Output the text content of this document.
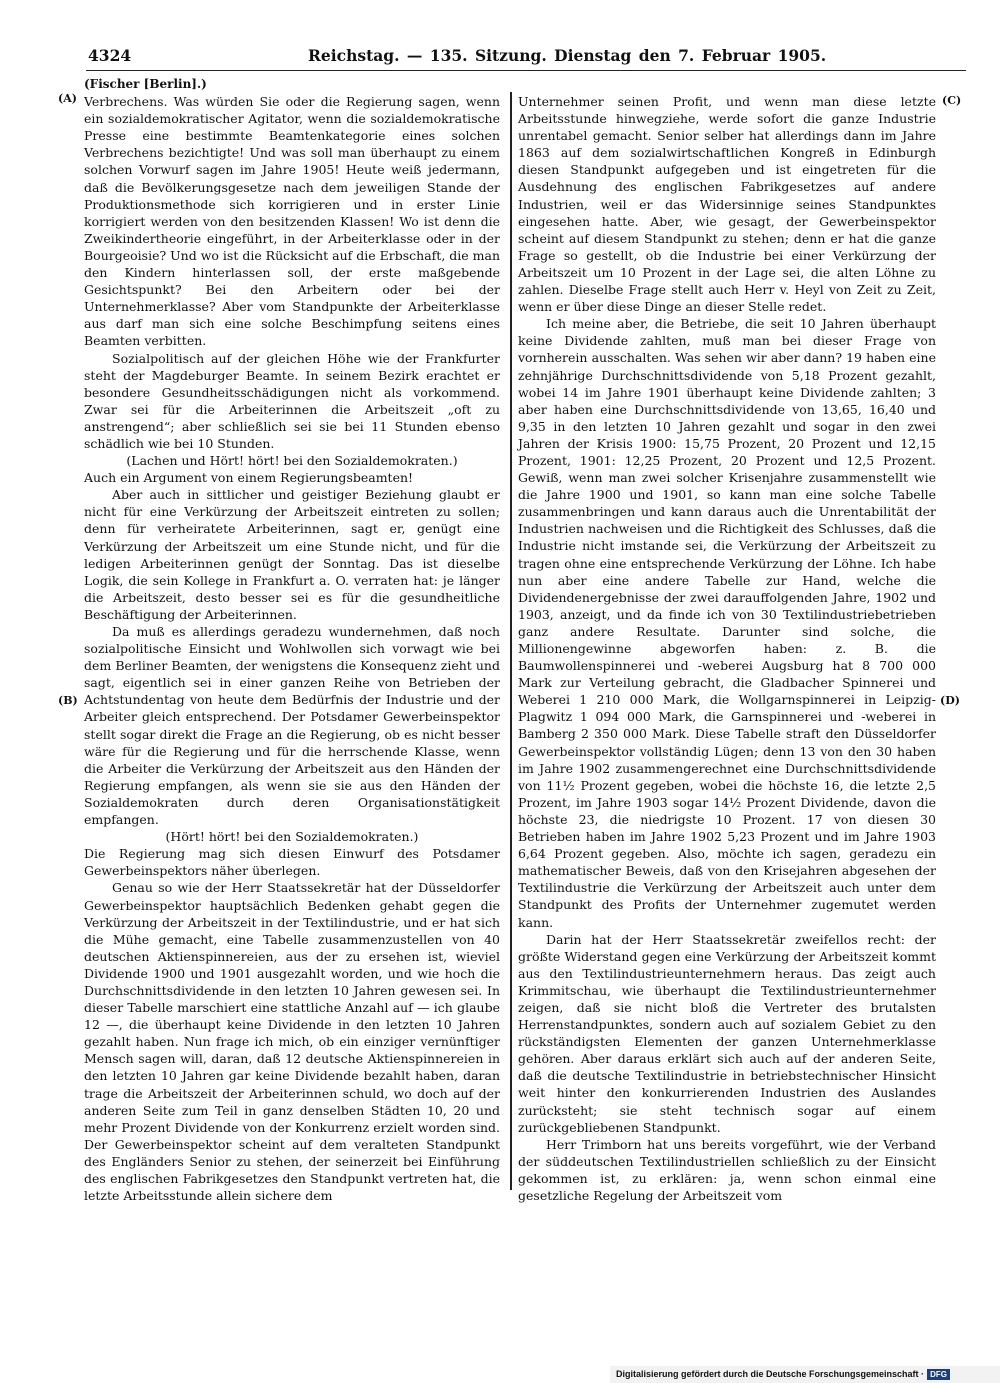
4324	Reichstag. — 135. Sitzung. Dienstag den 7. Februar 1905.
(A)
(B)
(C)
(D)

(Fischer [Berlin].)

Verbrechens. Was würden Sie oder die Regierung sagen, wenn ein sozialdemokratischer Agitator, wenn die sozialdemokratische Presse eine bestimmte Beamtenkategorie eines solchen Verbrechens bezichtigte! Und was soll man überhaupt zu einem solchen Vorwurf sagen im Jahre 1905! Heute weiß jedermann, daß die Bevölkerungsgesetze nach dem jeweiligen Stande der Produktionsmethode sich korrigieren und in erster Linie korrigiert werden von den besitzenden Klassen! Wo ist denn die Zweikindertheorie eingeführt, in der Arbeiterklasse oder in der Bourgeoisie? Und wo ist die Rücksicht auf die Erbschaft, die man den Kindern hinterlassen soll, der erste maßgebende Gesichtspunkt? Bei den Arbeitern oder bei der Unternehmerklasse? Aber vom Standpunkte der Arbeiterklasse aus darf man sich eine solche Beschimpfung seitens eines Beamten verbitten.

Sozialpolitisch auf der gleichen Höhe wie der Frankfurter steht der Magdeburger Beamte. In seinem Bezirk erachtet er besondere Gesundheitsschädigungen nicht als vorkommend. Zwar sei für die Arbeiterinnen die Arbeitszeit „oft zu anstrengend“; aber schließlich sei sie bei 11 Stunden ebenso schädlich wie bei 10 Stunden.

(Lachen und Hört! hört! bei den Sozialdemokraten.)

Auch ein Argument von einem Regierungsbeamten!

Aber auch in sittlicher und geistiger Beziehung glaubt er nicht für eine Verkürzung der Arbeitszeit eintreten zu sollen; denn für verheiratete Arbeiterinnen, sagt er, genügt eine Verkürzung der Arbeitszeit um eine Stunde nicht, und für die ledigen Arbeiterinnen genügt der Sonntag. Das ist dieselbe Logik, die sein Kollege in Frankfurt a. O. verraten hat: je länger die Arbeitszeit, desto besser sei es für die gesundheitliche Beschäftigung der Arbeiterinnen.

Da muß es allerdings geradezu wundernehmen, daß noch sozialpolitische Einsicht und Wohlwollen sich vorwagt wie bei dem Berliner Beamten, der wenigstens die Konsequenz zieht und sagt, eigentlich sei in einer ganzen Reihe von Betrieben der Achtstundentag von heute dem Bedürfnis der Industrie und der Arbeiter gleich entsprechend. Der Potsdamer Gewerbeinspektor stellt sogar direkt die Frage an die Regierung, ob es nicht besser wäre für die Regierung und für die herrschende Klasse, wenn die Arbeiter die Verkürzung der Arbeitszeit aus den Händen der Regierung empfangen, als wenn sie sie aus den Händen der Sozialdemokraten durch deren Organisationstätigkeit empfangen.

(Hört! hört! bei den Sozialdemokraten.)

Die Regierung mag sich diesen Einwurf des Potsdamer Gewerbeinspektors näher überlegen.

Genau so wie der Herr Staatssekretär hat der Düsseldorfer Gewerbeinspektor hauptsächlich Bedenken gehabt gegen die Verkürzung der Arbeitszeit in der Textilindustrie, und er hat sich die Mühe gemacht, eine Tabelle zusammenzustellen von 40 deutschen Aktienspinnereien, aus der zu ersehen ist, wieviel Dividende 1900 und 1901 ausgezahlt worden, und wie hoch die Durchschnittsdividende in den letzten 10 Jahren gewesen sei. In dieser Tabelle marschiert eine stattliche Anzahl auf — ich glaube 12 —, die überhaupt keine Dividende in den letzten 10 Jahren gezahlt haben. Nun frage ich mich, ob ein einziger vernünftiger Mensch sagen will, daran, daß 12 deutsche Aktienspinnereien in den letzten 10 Jahren gar keine Dividende bezahlt haben, daran trage die Arbeitszeit der Arbeiterinnen schuld, wo doch auf der anderen Seite zum Teil in ganz denselben Städten 10, 20 und mehr Prozent Dividende von der Konkurrenz erzielt worden sind. Der Gewerbeinspektor scheint auf dem veralteten Standpunkt des Engländers Senior zu stehen, der seinerzeit bei Einführung des englischen Fabrikgesetzes den Standpunkt vertreten hat, die letzte Arbeitsstunde allein sichere dem

Unternehmer seinen Profit, und wenn man diese letzte Arbeitsstunde hinwegziehe, werde sofort die ganze Industrie unrentabel gemacht. Senior selber hat allerdings dann im Jahre 1863 auf dem sozialwirtschaftlichen Kongreß in Edinburgh diesen Standpunkt aufgegeben und ist eingetreten für die Ausdehnung des englischen Fabrikgesetzes auf andere Industrien, weil er das Widersinnige seines Standpunktes eingesehen hatte. Aber, wie gesagt, der Gewerbeinspektor scheint auf diesem Standpunkt zu stehen; denn er hat die ganze Frage so gestellt, ob die Industrie bei einer Verkürzung der Arbeitszeit um 10 Prozent in der Lage sei, die alten Löhne zu zahlen. Dieselbe Frage stellt auch Herr v. Heyl von Zeit zu Zeit, wenn er über diese Dinge an dieser Stelle redet.

Ich meine aber, die Betriebe, die seit 10 Jahren überhaupt keine Dividende zahlten, muß man bei dieser Frage von vornherein ausschalten. Was sehen wir aber dann? 19 haben eine zehnjährige Durchschnittsdividende von 5,18 Prozent gezahlt, wobei 14 im Jahre 1901 überhaupt keine Dividende zahlten; 3 aber haben eine Durchschnittsdividende von 13,65, 16,40 und 9,35 in den letzten 10 Jahren gezahlt und sogar in den zwei Jahren der Krisis 1900: 15,75 Prozent, 20 Prozent und 12,15 Prozent, 1901: 12,25 Prozent, 20 Prozent und 12,5 Prozent. Gewiß, wenn man zwei solcher Krisenjahre zusammenstellt wie die Jahre 1900 und 1901, so kann man eine solche Tabelle zusammenbringen und kann daraus auch die Unrentabilität der Industrien nachweisen und die Richtigkeit des Schlusses, daß die Industrie nicht imstande sei, die Verkürzung der Arbeitszeit zu tragen ohne eine entsprechende Verkürzung der Löhne. Ich habe nun aber eine andere Tabelle zur Hand, welche die Dividendenergebnisse der zwei darauffolgenden Jahre, 1902 und 1903, anzeigt, und da finde ich von 30 Textilindustriebetrieben ganz andere Resultate. Darunter sind solche, die Millionengewinne abgeworfen haben: z. B. die Baumwollenspinnerei und -weberei Augsburg hat 8 700 000 Mark zur Verteilung gebracht, die Gladbacher Spinnerei und Weberei 1 210 000 Mark, die Wollgarnspinnerei in Leipzig-Plagwitz 1 094 000 Mark, die Garnspinnerei und -weberei in Bamberg 2 350 000 Mark. Diese Tabelle straft den Düsseldorfer Gewerbeinspektor vollständig Lügen; denn 13 von den 30 haben im Jahre 1902 zusammengerechnet eine Durchschnittsdividende von 11½ Prozent gegeben, wobei die höchste 16, die letzte 2,5 Prozent, im Jahre 1903 sogar 14½ Prozent Dividende, davon die höchste 23, die niedrigste 10 Prozent. 17 von diesen 30 Betrieben haben im Jahre 1902 5,23 Prozent und im Jahre 1903 6,64 Prozent gegeben. Also, möchte ich sagen, geradezu ein mathematischer Beweis, daß von den Krisejahren abgesehen der Textilindustrie die Verkürzung der Arbeitszeit auch unter dem Standpunkt des Profits der Unternehmer zugemutet werden kann.

Darin hat der Herr Staatssekretär zweifellos recht: der größte Widerstand gegen eine Verkürzung der Arbeitszeit kommt aus den Textilindustrieunternehmern heraus. Das zeigt auch Krimmitschau, wie überhaupt die Textilindustrieunternehmer zeigen, daß sie nicht bloß die Vertreter des brutalsten Herrenstandpunktes, sondern auch auf sozialem Gebiet zu den rückständigsten Elementen der ganzen Unternehmerklasse gehören. Aber daraus erklärt sich auch auf der anderen Seite, daß die deutsche Textilindustrie in betriebstechnischer Hinsicht weit hinter den konkurrierenden Industrien des Auslandes zurücksteht; sie steht technisch sogar auf einem zurückgebliebenen Standpunkt.

Herr Trimborn hat uns bereits vorgeführt, wie der Verband der süddeutschen Textilindustriellen schließlich zu der Einsicht gekommen ist, zu erklären: ja, wenn schon einmal eine gesetzliche Regelung der Arbeitszeit vom

Digitalisierung gefördert durch die Deutsche Forschungsgemeinschaft · DFG
